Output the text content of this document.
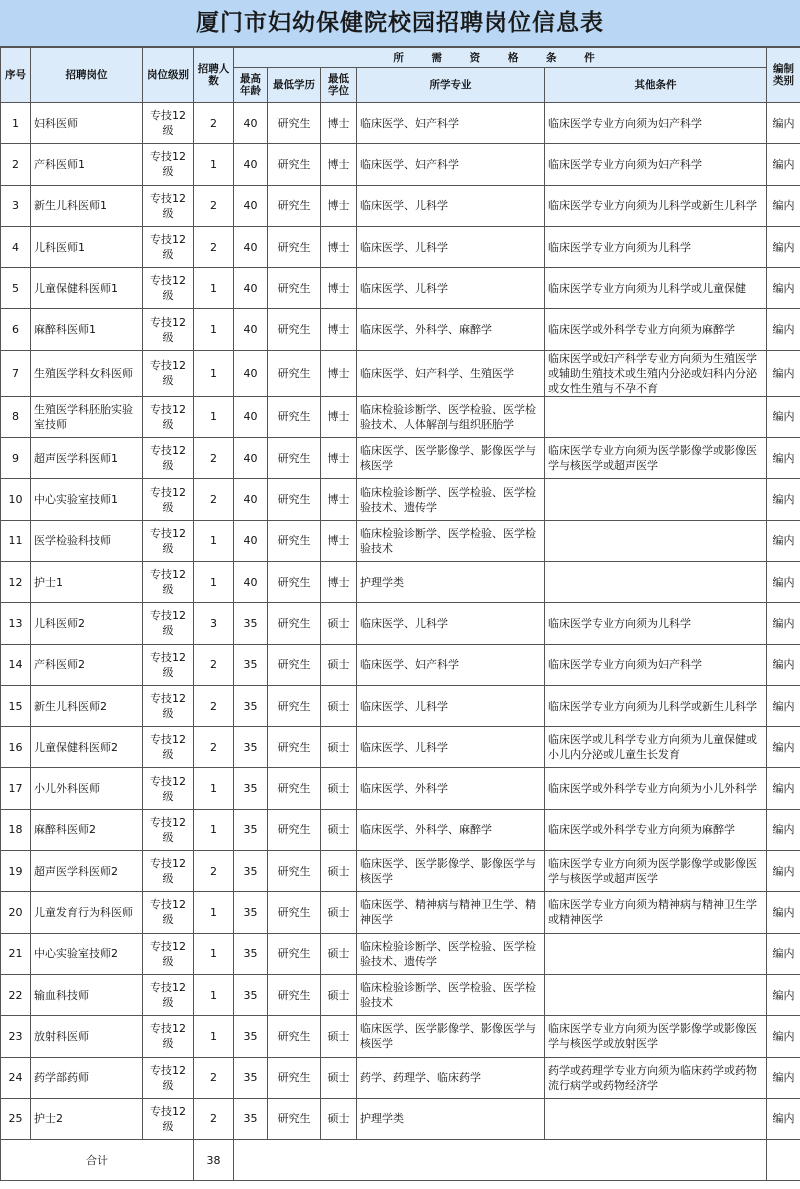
厦门市妇幼保健院校园招聘岗位信息表
序号	招聘岗位	岗位级别	招聘人数	所 需 资 格 条 件					编制类别
				最高年龄	最低学历	最低学位	所学专业	其他条件	
1	妇科医师	专技12级	2	40	研究生	博士	临床医学、妇产科学	临床医学专业方向须为妇产科学	编内
2	产科医师1	专技12级	1	40	研究生	博士	临床医学、妇产科学	临床医学专业方向须为妇产科学	编内
3	新生儿科医师1	专技12级	2	40	研究生	博士	临床医学、儿科学	临床医学专业方向须为儿科学或新生儿科学	编内
4	儿科医师1	专技12级	2	40	研究生	博士	临床医学、儿科学	临床医学专业方向须为儿科学	编内
5	儿童保健科医师1	专技12级	1	40	研究生	博士	临床医学、儿科学	临床医学专业方向须为儿科学或儿童保健	编内
6	麻醉科医师1	专技12级	1	40	研究生	博士	临床医学、外科学、麻醉学	临床医学或外科学专业方向须为麻醉学	编内
7	生殖医学科女科医师	专技12级	1	40	研究生	博士	临床医学、妇产科学、生殖医学	临床医学或妇产科学专业方向须为生殖医学或辅助生殖技术或生殖内分泌或妇科内分泌或女性生殖与不孕不育	编内
8	生殖医学科胚胎实验室技师	专技12级	1	40	研究生	博士	临床检验诊断学、医学检验、医学检验技术、人体解剖与组织胚胎学		编内
9	超声医学科医师1	专技12级	2	40	研究生	博士	临床医学、医学影像学、影像医学与核医学	临床医学专业方向须为医学影像学或影像医学与核医学或超声医学	编内
10	中心实验室技师1	专技12级	2	40	研究生	博士	临床检验诊断学、医学检验、医学检验技术、遗传学		编内
11	医学检验科技师	专技12级	1	40	研究生	博士	临床检验诊断学、医学检验、医学检验技术		编内
12	护士1	专技12级	1	40	研究生	博士	护理学类		编内
13	儿科医师2	专技12级	3	35	研究生	硕士	临床医学、儿科学	临床医学专业方向须为儿科学	编内
14	产科医师2	专技12级	2	35	研究生	硕士	临床医学、妇产科学	临床医学专业方向须为妇产科学	编内
15	新生儿科医师2	专技12级	2	35	研究生	硕士	临床医学、儿科学	临床医学专业方向须为儿科学或新生儿科学	编内
16	儿童保健科医师2	专技12级	2	35	研究生	硕士	临床医学、儿科学	临床医学或儿科学专业方向须为儿童保健或小儿内分泌或儿童生长发育	编内
17	小儿外科医师	专技12级	1	35	研究生	硕士	临床医学、外科学	临床医学或外科学专业方向须为小儿外科学	编内
18	麻醉科医师2	专技12级	1	35	研究生	硕士	临床医学、外科学、麻醉学	临床医学或外科学专业方向须为麻醉学	编内
19	超声医学科医师2	专技12级	2	35	研究生	硕士	临床医学、医学影像学、影像医学与核医学	临床医学专业方向须为医学影像学或影像医学与核医学或超声医学	编内
20	儿童发育行为科医师	专技12级	1	35	研究生	硕士	临床医学、精神病与精神卫生学、精神医学	临床医学专业方向须为精神病与精神卫生学或精神医学	编内
21	中心实验室技师2	专技12级	1	35	研究生	硕士	临床检验诊断学、医学检验、医学检验技术、遗传学		编内
22	输血科技师	专技12级	1	35	研究生	硕士	临床检验诊断学、医学检验、医学检验技术		编内
23	放射科医师	专技12级	1	35	研究生	硕士	临床医学、医学影像学、影像医学与核医学	临床医学专业方向须为医学影像学或影像医学与核医学或放射医学	编内
24	药学部药师	专技12级	2	35	研究生	硕士	药学、药理学、临床药学	药学或药理学专业方向须为临床药学或药物流行病学或药物经济学	编内
25	护士2	专技12级	2	35	研究生	硕士	护理学类		编内
合计			38						
